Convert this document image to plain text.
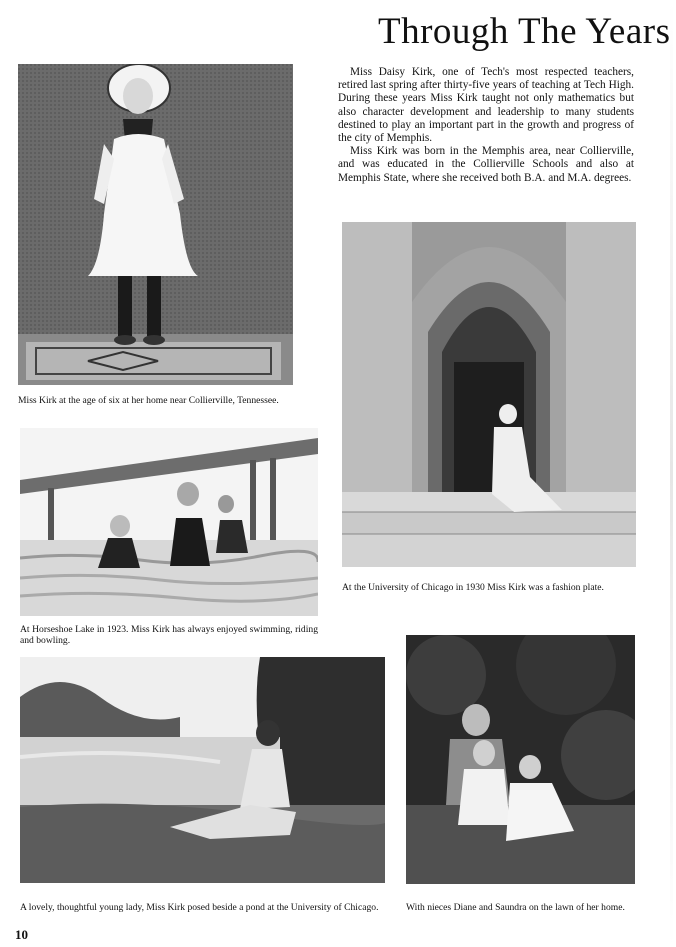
Through The Years

Miss Daisy Kirk, one of Tech's most respected teachers, retired last spring after thirty-five years of teaching at Tech High. During these years Miss Kirk taught not only mathematics but also character development and leadership to many students destined to play an important part in the growth and progress of the city of Memphis.

Miss Kirk was born in the Memphis area, near Collierville, and was educated in the Collierville Schools and also at Memphis State, where she received both B.A. and M.A. degrees.

Miss Kirk at the age of six at her home near Collierville, Tennessee.
At the University of Chicago in 1930 Miss Kirk was a fashion plate.
At Horseshoe Lake in 1923. Miss Kirk has always enjoyed swimming, riding and bowling.
A lovely, thoughtful young lady, Miss Kirk posed beside a pond at the University of Chicago.	With nieces Diane and Saundra on the lawn of her home.
10
